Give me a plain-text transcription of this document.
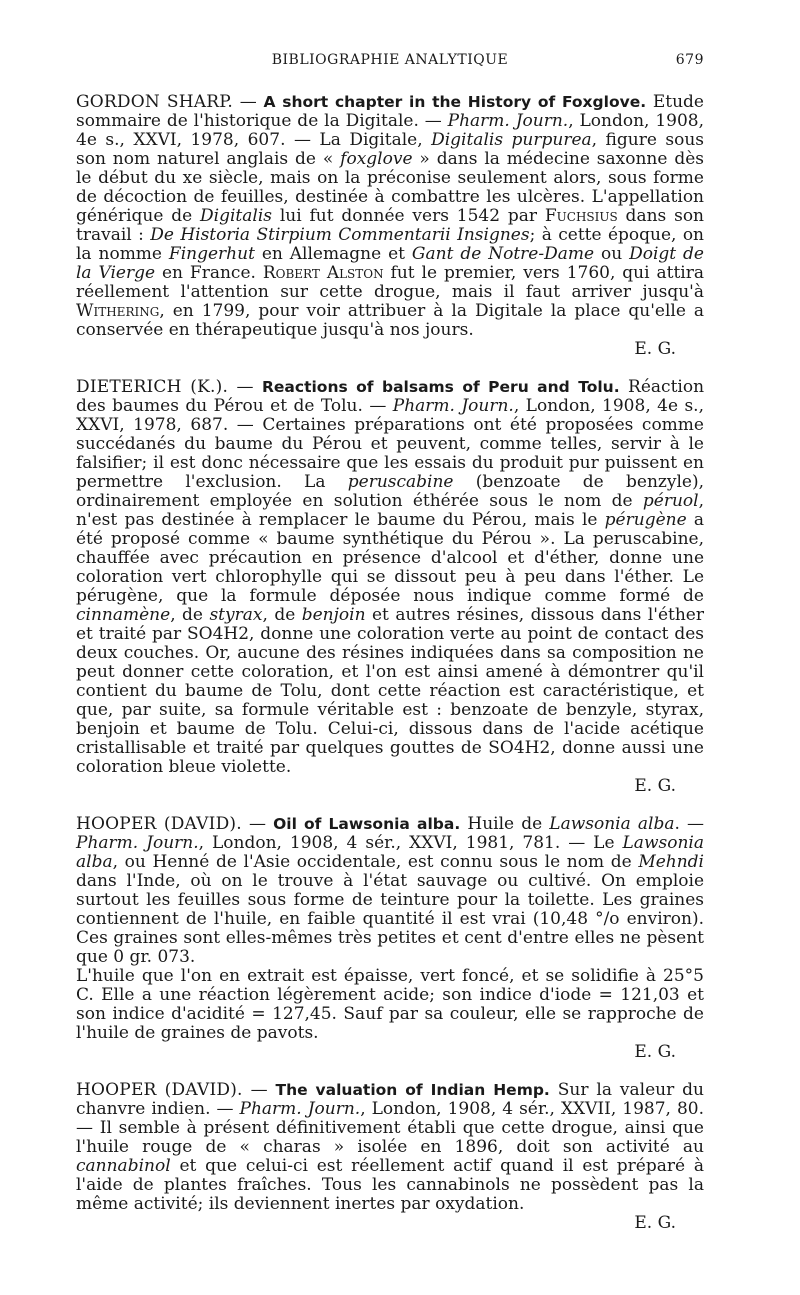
BIBLIOGRAPHIE ANALYTIQUE	679

GORDON SHARP. — A short chapter in the History of Foxglove. Etude sommaire de l'historique de la Digitale. — Pharm. Journ., London, 1908, 4e s., XXVI, 1978, 607. — La Digitale, Digitalis purpurea, figure sous son nom naturel anglais de « foxglove » dans la médecine saxonne dès le début du xe siècle, mais on la préconise seulement alors, sous forme de décoction de feuilles, destinée à combattre les ulcères. L'appellation générique de Digitalis lui fut donnée vers 1542 par Fuchsius dans son travail : De Historia Stirpium Commentarii Insignes; à cette époque, on la nomme Fingerhut en Allemagne et Gant de Notre-Dame ou Doigt de la Vierge en France. Robert Alston fut le premier, vers 1760, qui attira réellement l'attention sur cette drogue, mais il faut arriver jusqu'à Withering, en 1799, pour voir attribuer à la Digitale la place qu'elle a conservée en thérapeutique jusqu'à nos jours.

E. G.

DIETERICH (K.). — Reactions of balsams of Peru and Tolu. Réaction des baumes du Pérou et de Tolu. — Pharm. Journ., London, 1908, 4e s., XXVI, 1978, 687. — Certaines préparations ont été proposées comme succédanés du baume du Pérou et peuvent, comme telles, servir à le falsifier; il est donc nécessaire que les essais du produit pur puissent en permettre l'exclusion. La peruscabine (benzoate de benzyle), ordinairement employée en solution éthérée sous le nom de péruol, n'est pas destinée à remplacer le baume du Pérou, mais le pérugène a été proposé comme « baume synthétique du Pérou ». La peruscabine, chauffée avec précaution en présence d'alcool et d'éther, donne une coloration vert chlorophylle qui se dissout peu à peu dans l'éther. Le pérugène, que la formule déposée nous indique comme formé de cinnamène, de styrax, de benjoin et autres résines, dissous dans l'éther et traité par SO4H2, donne une coloration verte au point de contact des deux couches. Or, aucune des résines indiquées dans sa composition ne peut donner cette coloration, et l'on est ainsi amené à démontrer qu'il contient du baume de Tolu, dont cette réaction est caractéristique, et que, par suite, sa formule véritable est : benzoate de benzyle, styrax, benjoin et baume de Tolu. Celui-ci, dissous dans de l'acide acétique cristallisable et traité par quelques gouttes de SO4H2, donne aussi une coloration bleue violette.

E. G.

HOOPER (DAVID). — Oil of Lawsonia alba. Huile de Lawsonia alba. — Pharm. Journ., London, 1908, 4 sér., XXVI, 1981, 781. — Le Lawsonia alba, ou Henné de l'Asie occidentale, est connu sous le nom de Mehndi dans l'Inde, où on le trouve à l'état sauvage ou cultivé. On emploie surtout les feuilles sous forme de teinture pour la toilette. Les graines contiennent de l'huile, en faible quantité il est vrai (10,48 °/o environ). Ces graines sont elles-mêmes très petites et cent d'entre elles ne pèsent que 0 gr. 073.

L'huile que l'on en extrait est épaisse, vert foncé, et se solidifie à 25°5 C. Elle a une réaction légèrement acide; son indice d'iode = 121,03 et son indice d'acidité = 127,45. Sauf par sa couleur, elle se rapproche de l'huile de graines de pavots.

E. G.

HOOPER (DAVID). — The valuation of Indian Hemp. Sur la valeur du chanvre indien. — Pharm. Journ., London, 1908, 4 sér., XXVII, 1987, 80. — Il semble à présent définitivement établi que cette drogue, ainsi que l'huile rouge de « charas » isolée en 1896, doit son activité au cannabinol et que celui-ci est réellement actif quand il est préparé à l'aide de plantes fraîches. Tous les cannabinols ne possèdent pas la même activité; ils deviennent inertes par oxydation.

E. G.
